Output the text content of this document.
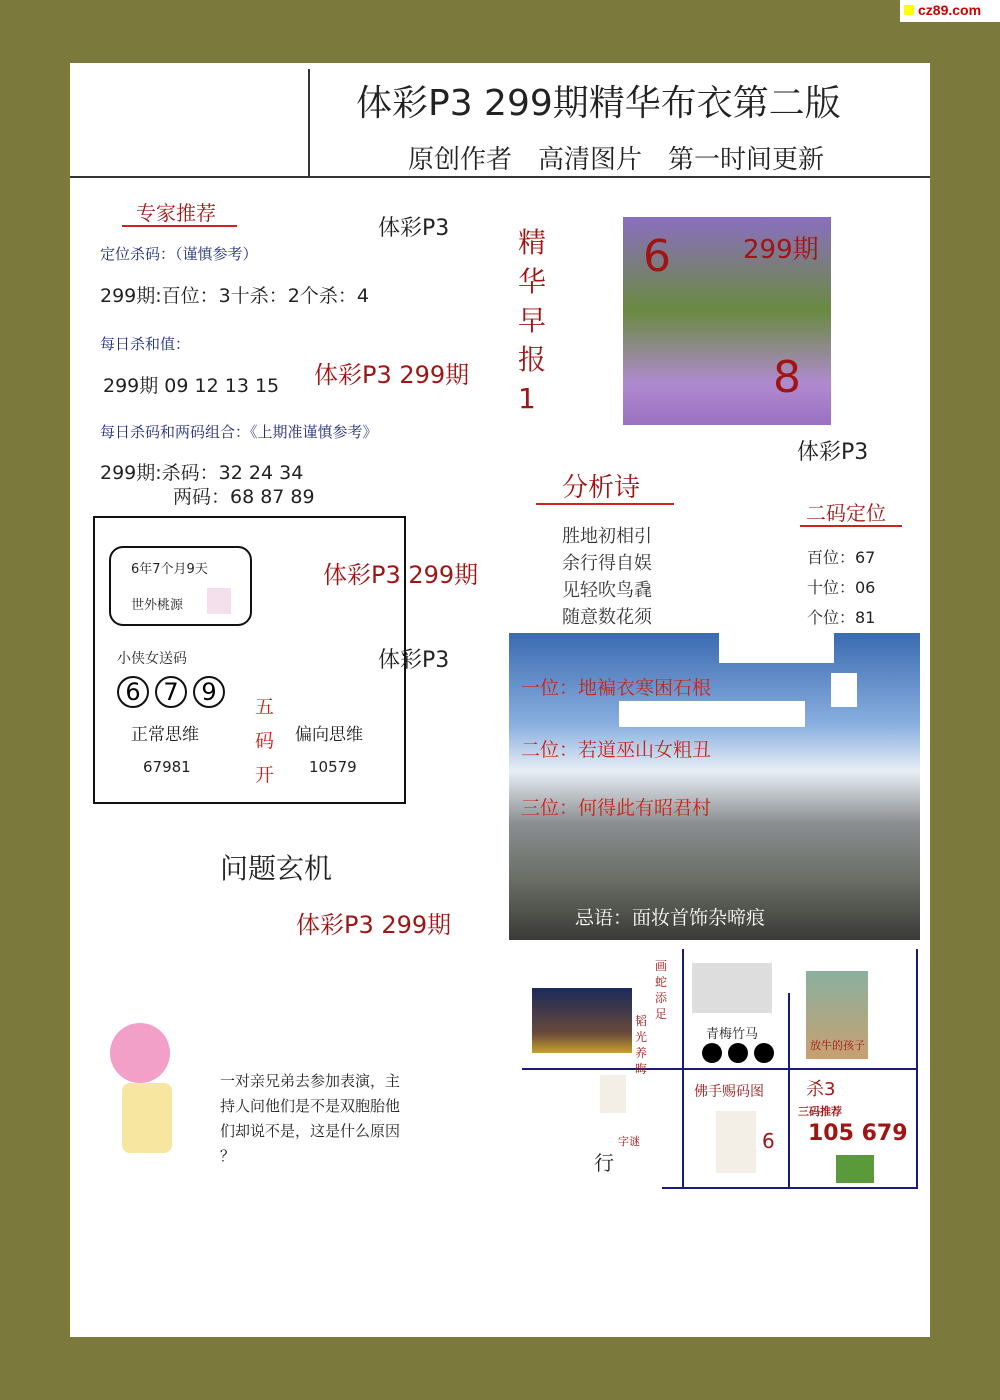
cz89.com
体彩P3 299期精华布衣第二版
原创作者　高清图片　第一时间更新
专家推荐
体彩P3
定位杀码：（谨慎参考）
299期:百位：3十杀：2个杀：4
每日杀和值：
299期 09 12 13 15 体彩P3 299期
每日杀码和两码组合：《上期准谨慎参考》
299期:杀码：32 24 34
两码：68 87 89
精
华
早
报
1
6	299期
8
体彩P3
分析诗
胜地初相引
余行得自娱
见轻吹鸟毳
随意数花须
二码定位
百位：67
十位：06
个位：81
6年7个月9天
世外桃源
小侠女送码
6 7 9
五
码
开
正常思维
67981
偏向思维
10579
体彩P3 299期
体彩P3
一位：地褊衣寒困石根
二位：若道巫山女粗丑
三位：何得此有昭君村
忌语：面妆首饰杂啼痕
问题玄机
体彩P3 299期
一对亲兄弟去参加表演，主
持人问他们是不是双胞胎他
们却说不是，这是什么原因
？
画
蛇
添
足
韬
光
养
晦
青梅竹马
放牛的孩子
字谜
行
佛手赐码图
6
杀3
三码推荐
105 679
